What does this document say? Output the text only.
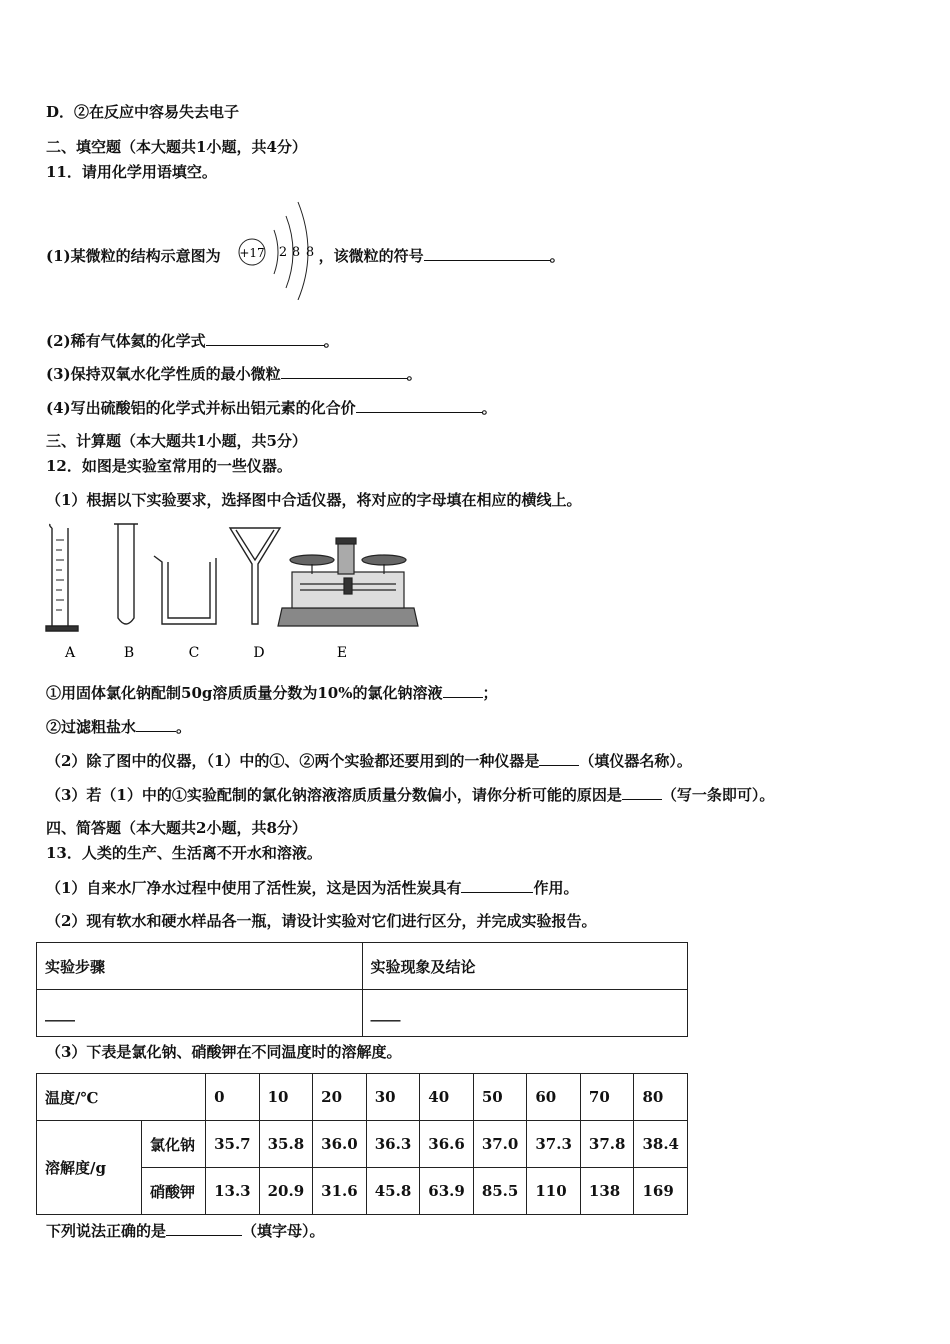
D．②在反应中容易失去电子
二、填空题（本大题共1小题，共4分）
11．请用化学用语填空。
(1)某微粒的结构示意图为	，该微粒的符号	。
+17 2 8 8
(2)稀有气体氦的化学式	。
(3)保持双氧水化学性质的最小微粒	。
(4)写出硫酸铝的化学式并标出铝元素的化合价	。
三、计算题（本大题共1小题，共5分）
12．如图是实验室常用的一些仪器。
（1）根据以下实验要求，选择图中合适仪器，将对应的字母填在相应的横线上。
A	B	C	D	E
①用固体氯化钠配制50g溶质质量分数为10%的氯化钠溶液	；
②过滤粗盐水	。
（2）除了图中的仪器，（1）中的①、②两个实验都还要用到的一种仪器是	（填仪器名称）。
（3）若（1）中的①实验配制的氯化钠溶液溶质质量分数偏小，请你分析可能的原因是	（写一条即可）。
四、简答题（本大题共2小题，共8分）
13．人类的生产、生活离不开水和溶液。
（1）自来水厂净水过程中使用了活性炭，这是因为活性炭具有	作用。
（2）现有软水和硬水样品各一瓶，请设计实验对它们进行区分，并完成实验报告。
实验步骤	实验现象及结论
____	____
（3）下表是氯化钠、硝酸钾在不同温度时的溶解度。
温度/℃		0	10	20	30	40	50	60	70	80
溶解度/g	氯化钠	35.7	35.8	36.0	36.3	36.6	37.0	37.3	37.8	38.4
	硝酸钾	13.3	20.9	31.6	45.8	63.9	85.5	110	138	169
下列说法正确的是	（填字母）。
